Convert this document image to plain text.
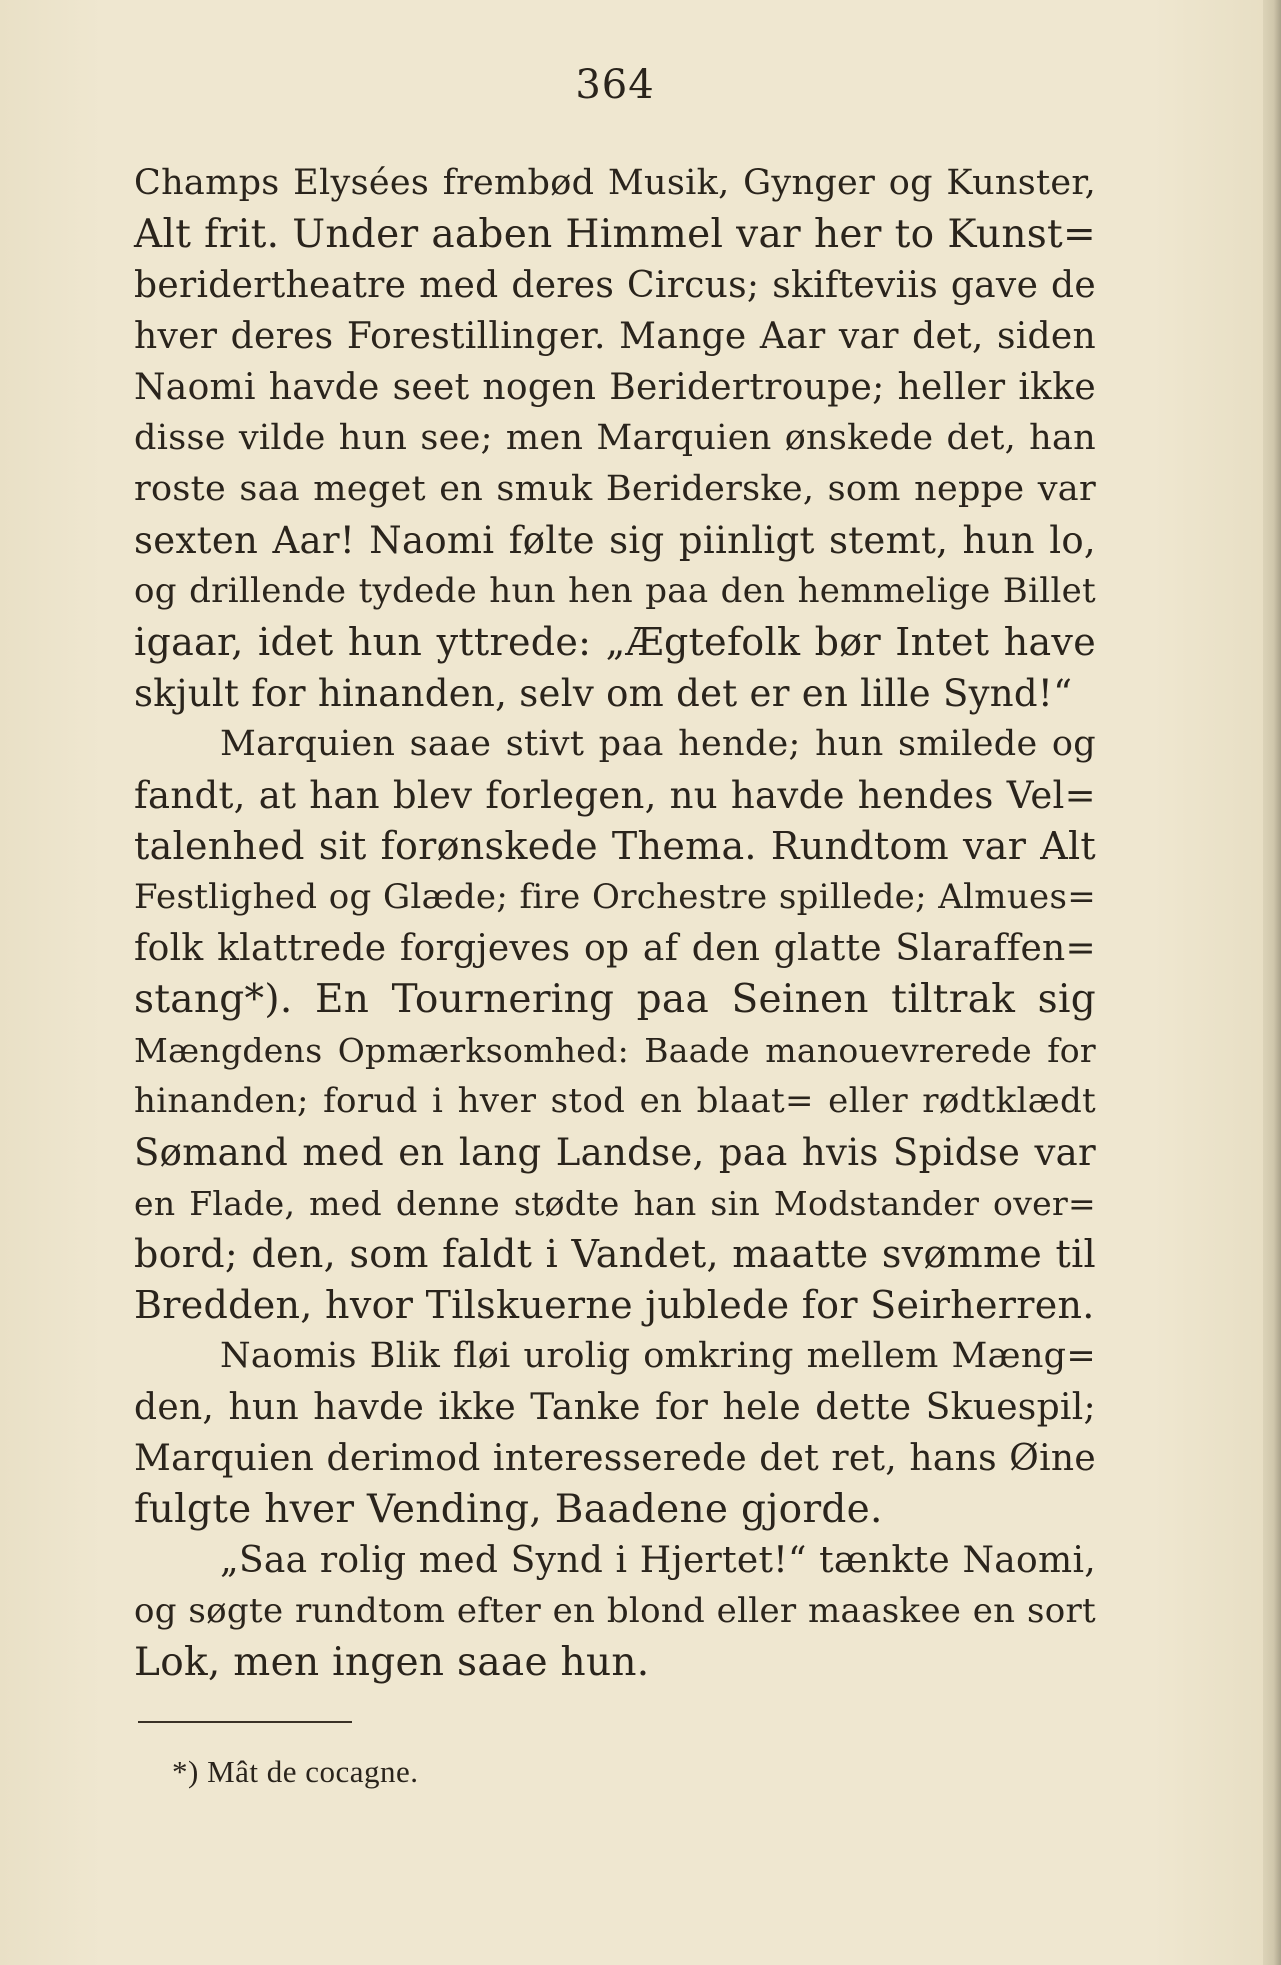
364
Champs Elysées frembød Musik, Gynger og Kunster,
Alt frit. Under aaben Himmel var her to Kunst=
beridertheatre med deres Circus; skifteviis gave de
hver deres Forestillinger. Mange Aar var det, siden
Naomi havde seet nogen Beridertroupe; heller ikke
disse vilde hun see; men Marquien ønskede det, han
roste saa meget en smuk Beriderske, som neppe var
sexten Aar! Naomi følte sig piinligt stemt, hun lo,
og drillende tydede hun hen paa den hemmelige Billet
igaar, idet hun yttrede: „Ægtefolk bør Intet have
skjult for hinanden, selv om det er en lille Synd!“
Marquien saae stivt paa hende; hun smilede og
fandt, at han blev forlegen, nu havde hendes Vel=
talenhed sit forønskede Thema. Rundtom var Alt
Festlighed og Glæde; fire Orchestre spillede; Almues=
folk klattrede forgjeves op af den glatte Slaraffen=
stang*). En Tournering paa Seinen tiltrak sig
Mængdens Opmærksomhed: Baade manouevrerede for
hinanden; forud i hver stod en blaat= eller rødtklædt
Sømand med en lang Landse, paa hvis Spidse var
en Flade, med denne stødte han sin Modstander over=
bord; den, som faldt i Vandet, maatte svømme til
Bredden, hvor Tilskuerne jublede for Seirherren.
Naomis Blik fløi urolig omkring mellem Mæng=
den, hun havde ikke Tanke for hele dette Skuespil;
Marquien derimod interesserede det ret, hans Øine
fulgte hver Vending, Baadene gjorde.
„Saa rolig med Synd i Hjertet!“ tænkte Naomi,
og søgte rundtom efter en blond eller maaskee en sort
Lok, men ingen saae hun.
*) Mât de cocagne.
